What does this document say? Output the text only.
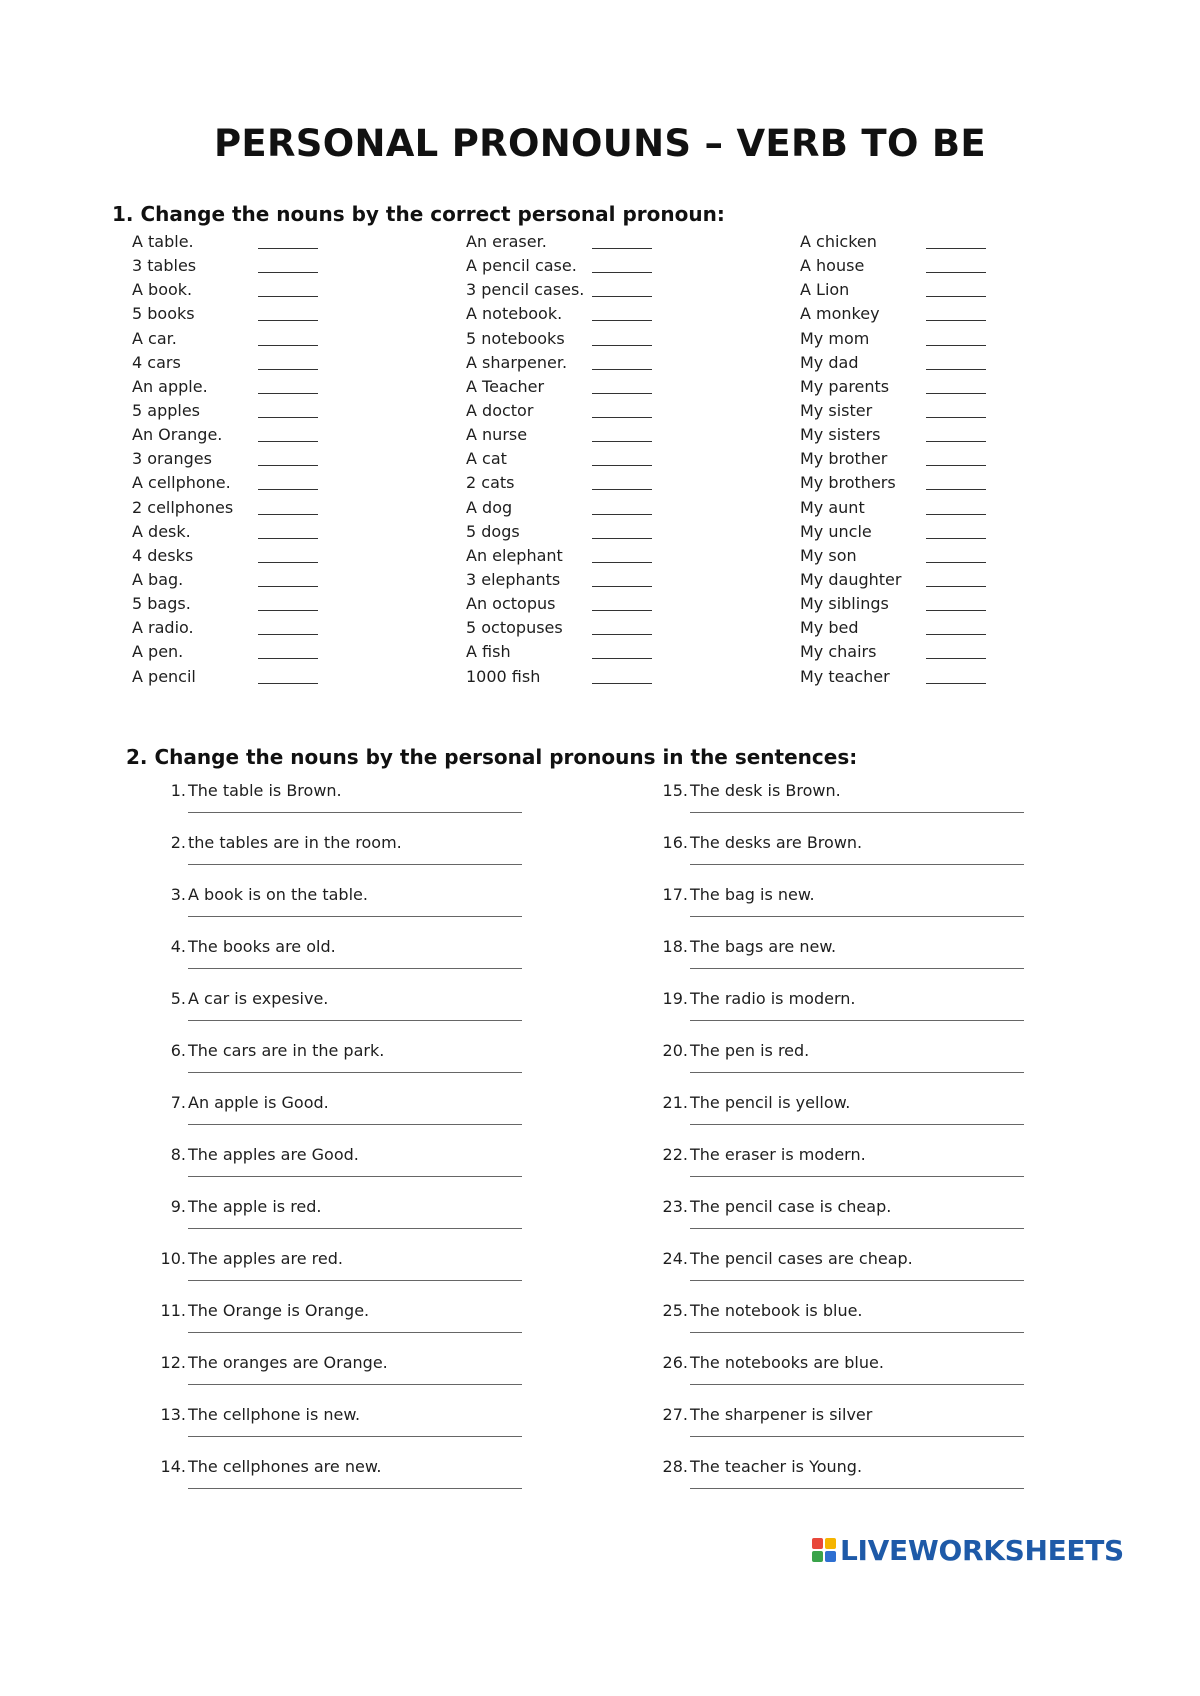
PERSONAL PRONOUNS – VERB TO BE
1. Change the nouns by the correct personal pronoun:
A table.
3 tables
A book.
5 books
A car.
4 cars
An apple.
5 apples
An Orange.
3 oranges
A cellphone.
2 cellphones
A desk.
4 desks
A bag.
5 bags.
A radio.
A pen.
A pencil
An eraser.
A pencil case.
3 pencil cases.
A notebook.
5 notebooks
A sharpener.
A Teacher
A doctor
A nurse
A cat
2 cats
A dog
5 dogs
An elephant
3 elephants
An octopus
5 octopuses
A fish
1000 fish
A chicken
A house
A Lion
A monkey
My mom
My dad
My parents
My sister
My sisters
My brother
My brothers
My aunt
My uncle
My son
My daughter
My siblings
My bed
My chairs
My teacher
2. Change the nouns by the personal pronouns in the sentences:
1. The table is Brown.
2. the tables are in the room.
3. A book is on the table.
4. The books are old.
5. A car is expesive.
6. The cars are in the park.
7. An apple is Good.
8. The apples are Good.
9. The apple is red.
10. The apples are red.
11. The Orange is Orange.
12. The oranges are Orange.
13. The cellphone is new.
14. The cellphones are new.
15. The desk is Brown.
16. The desks are Brown.
17. The bag is new.
18. The bags are new.
19. The radio is modern.
20. The pen is red.
21. The pencil is yellow.
22. The eraser is modern.
23. The pencil case is cheap.
24. The pencil cases are cheap.
25. The notebook is blue.
26. The notebooks are blue.
27. The sharpener is silver
28. The teacher is Young.
LIVEWORKSHEETS
